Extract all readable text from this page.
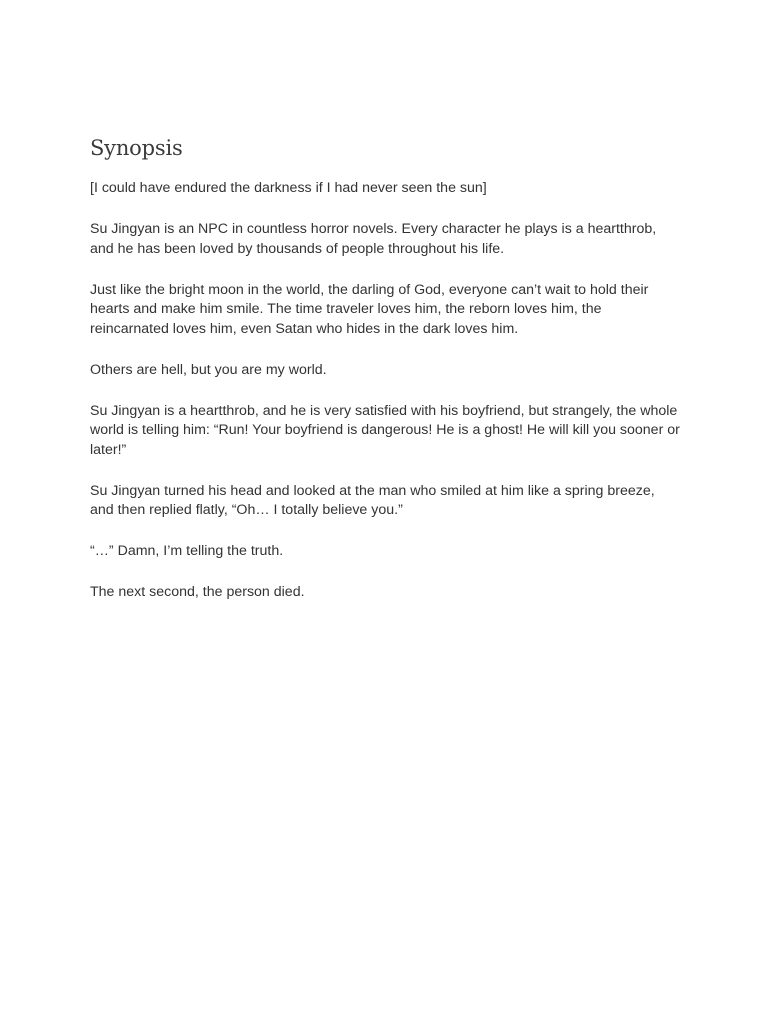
Synopsis

[I could have endured the darkness if I had never seen the sun]

Su Jingyan is an NPC in countless horror novels. Every character he plays is a heartthrob, and he has been loved by thousands of people throughout his life.

Just like the bright moon in the world, the darling of God, everyone can’t wait to hold their hearts and make him smile. The time traveler loves him, the reborn loves him, the reincarnated loves him, even Satan who hides in the dark loves him.

Others are hell, but you are my world.

Su Jingyan is a heartthrob, and he is very satisfied with his boyfriend, but strangely, the whole world is telling him: “Run! Your boyfriend is dangerous! He is a ghost! He will kill you sooner or later!”

Su Jingyan turned his head and looked at the man who smiled at him like a spring breeze, and then replied flatly, “Oh… I totally believe you.”

“…” Damn, I’m telling the truth.

The next second, the person died.
